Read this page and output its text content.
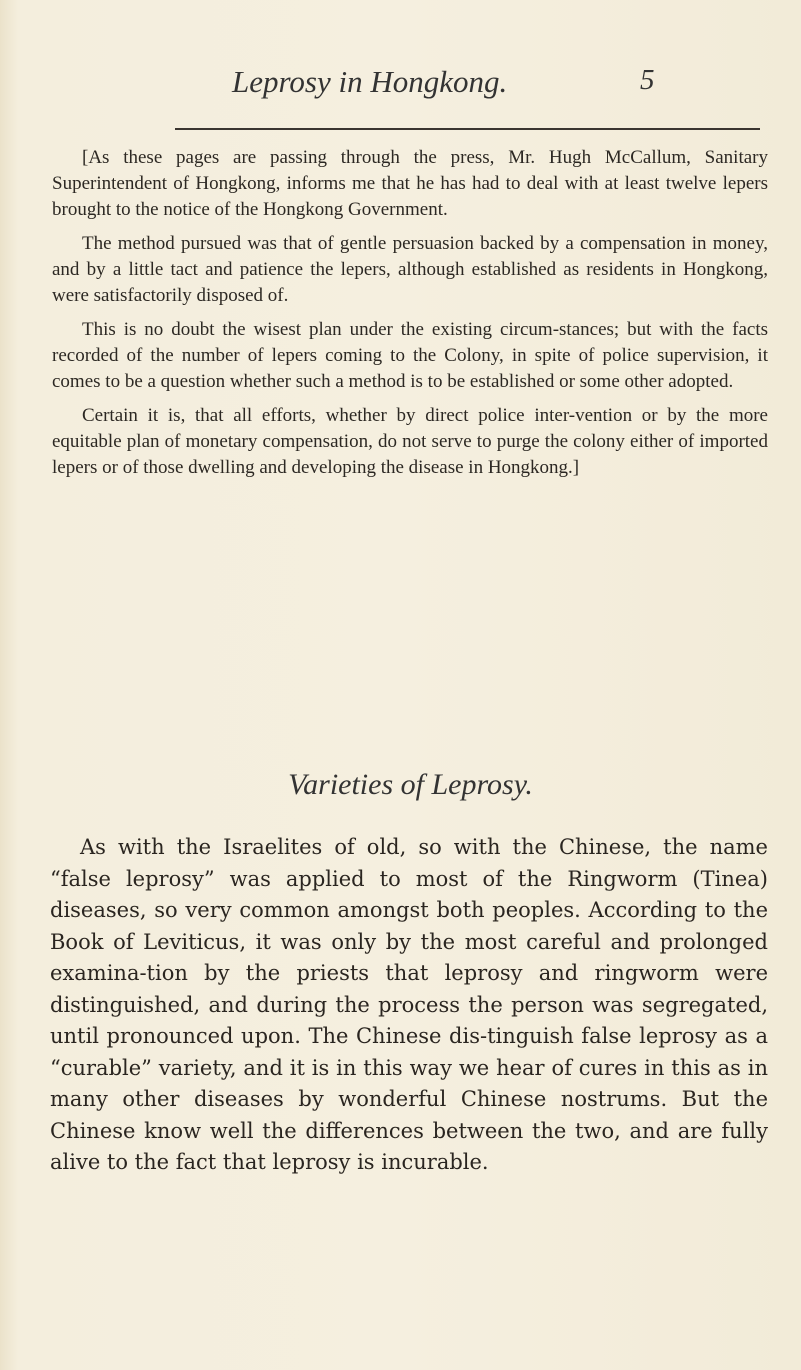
Leprosy in Hongkong.	5

[As these pages are passing through the press, Mr. Hugh McCallum, Sanitary Superintendent of Hongkong, informs me that he has had to deal with at least twelve lepers brought to the notice of the Hongkong Government.

The method pursued was that of gentle persuasion backed by a compensation in money, and by a little tact and patience the lepers, although established as residents in Hongkong, were satisfactorily disposed of.

This is no doubt the wisest plan under the existing circum-stances; but with the facts recorded of the number of lepers coming to the Colony, in spite of police supervision, it comes to be a question whether such a method is to be established or some other adopted.

Certain it is, that all efforts, whether by direct police inter-vention or by the more equitable plan of monetary compensation, do not serve to purge the colony either of imported lepers or of those dwelling and developing the disease in Hongkong.]

Varieties of Leprosy.

As with the Israelites of old, so with the Chinese, the name “false leprosy” was applied to most of the Ringworm (Tinea) diseases, so very common amongst both peoples. According to the Book of Leviticus, it was only by the most careful and prolonged examina-tion by the priests that leprosy and ringworm were distinguished, and during the process the person was segregated, until pronounced upon. The Chinese dis-tinguish false leprosy as a “curable” variety, and it is in this way we hear of cures in this as in many other diseases by wonderful Chinese nostrums. But the Chinese know well the differences between the two, and are fully alive to the fact that leprosy is incurable.
